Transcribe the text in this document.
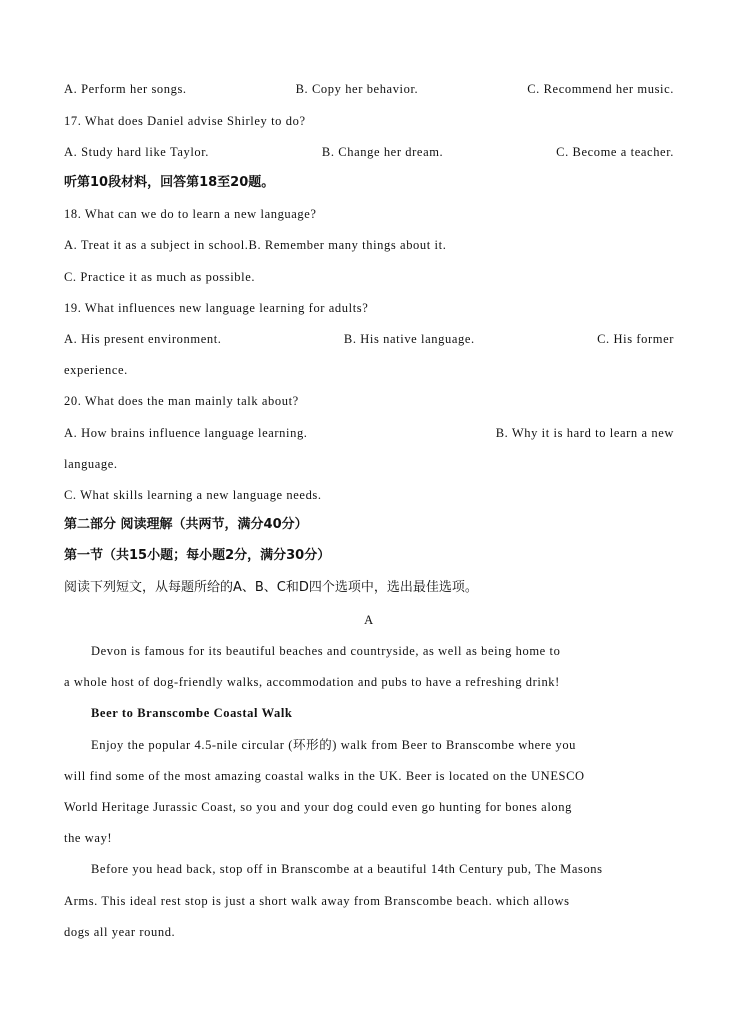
A. Perform her songs.	B. Copy her behavior.	C. Recommend her music.
17. What does Daniel advise Shirley to do?
A. Study hard like Taylor.	B. Change her dream.	C. Become a teacher.
听第10段材料，回答第18至20题。
18. What can we do to learn a new language?
A. Treat it as a subject in school.B. Remember many things about it.
C. Practice it as much as possible.
19. What influences new language learning for adults?
A. His present environment.	B. His native language.	C. His former
experience.
20. What does the man mainly talk about?
A. How brains influence language learning.	B. Why it is hard to learn a new
language.
C. What skills learning a new language needs.
第二部分 阅读理解（共两节，满分40分）
第一节（共15小题；每小题2分，满分30分）
阅读下列短文，从每题所给的A、B、C和D四个选项中，选出最佳选项。
A
Devon is famous for its beautiful beaches and countryside, as well as being home to
a whole host of dog-friendly walks, accommodation and pubs to have a refreshing drink!
Beer to Branscombe Coastal Walk
Enjoy the popular 4.5-nile circular (环形的) walk from Beer to Branscombe where you
will find some of the most amazing coastal walks in the UK. Beer is located on the UNESCO
World Heritage Jurassic Coast, so you and your dog could even go hunting for bones along
the way!
Before you head back, stop off in Branscombe at a beautiful 14th Century pub, The Masons
Arms. This ideal rest stop is just a short walk away from Branscombe beach. which allows
dogs all year round.
